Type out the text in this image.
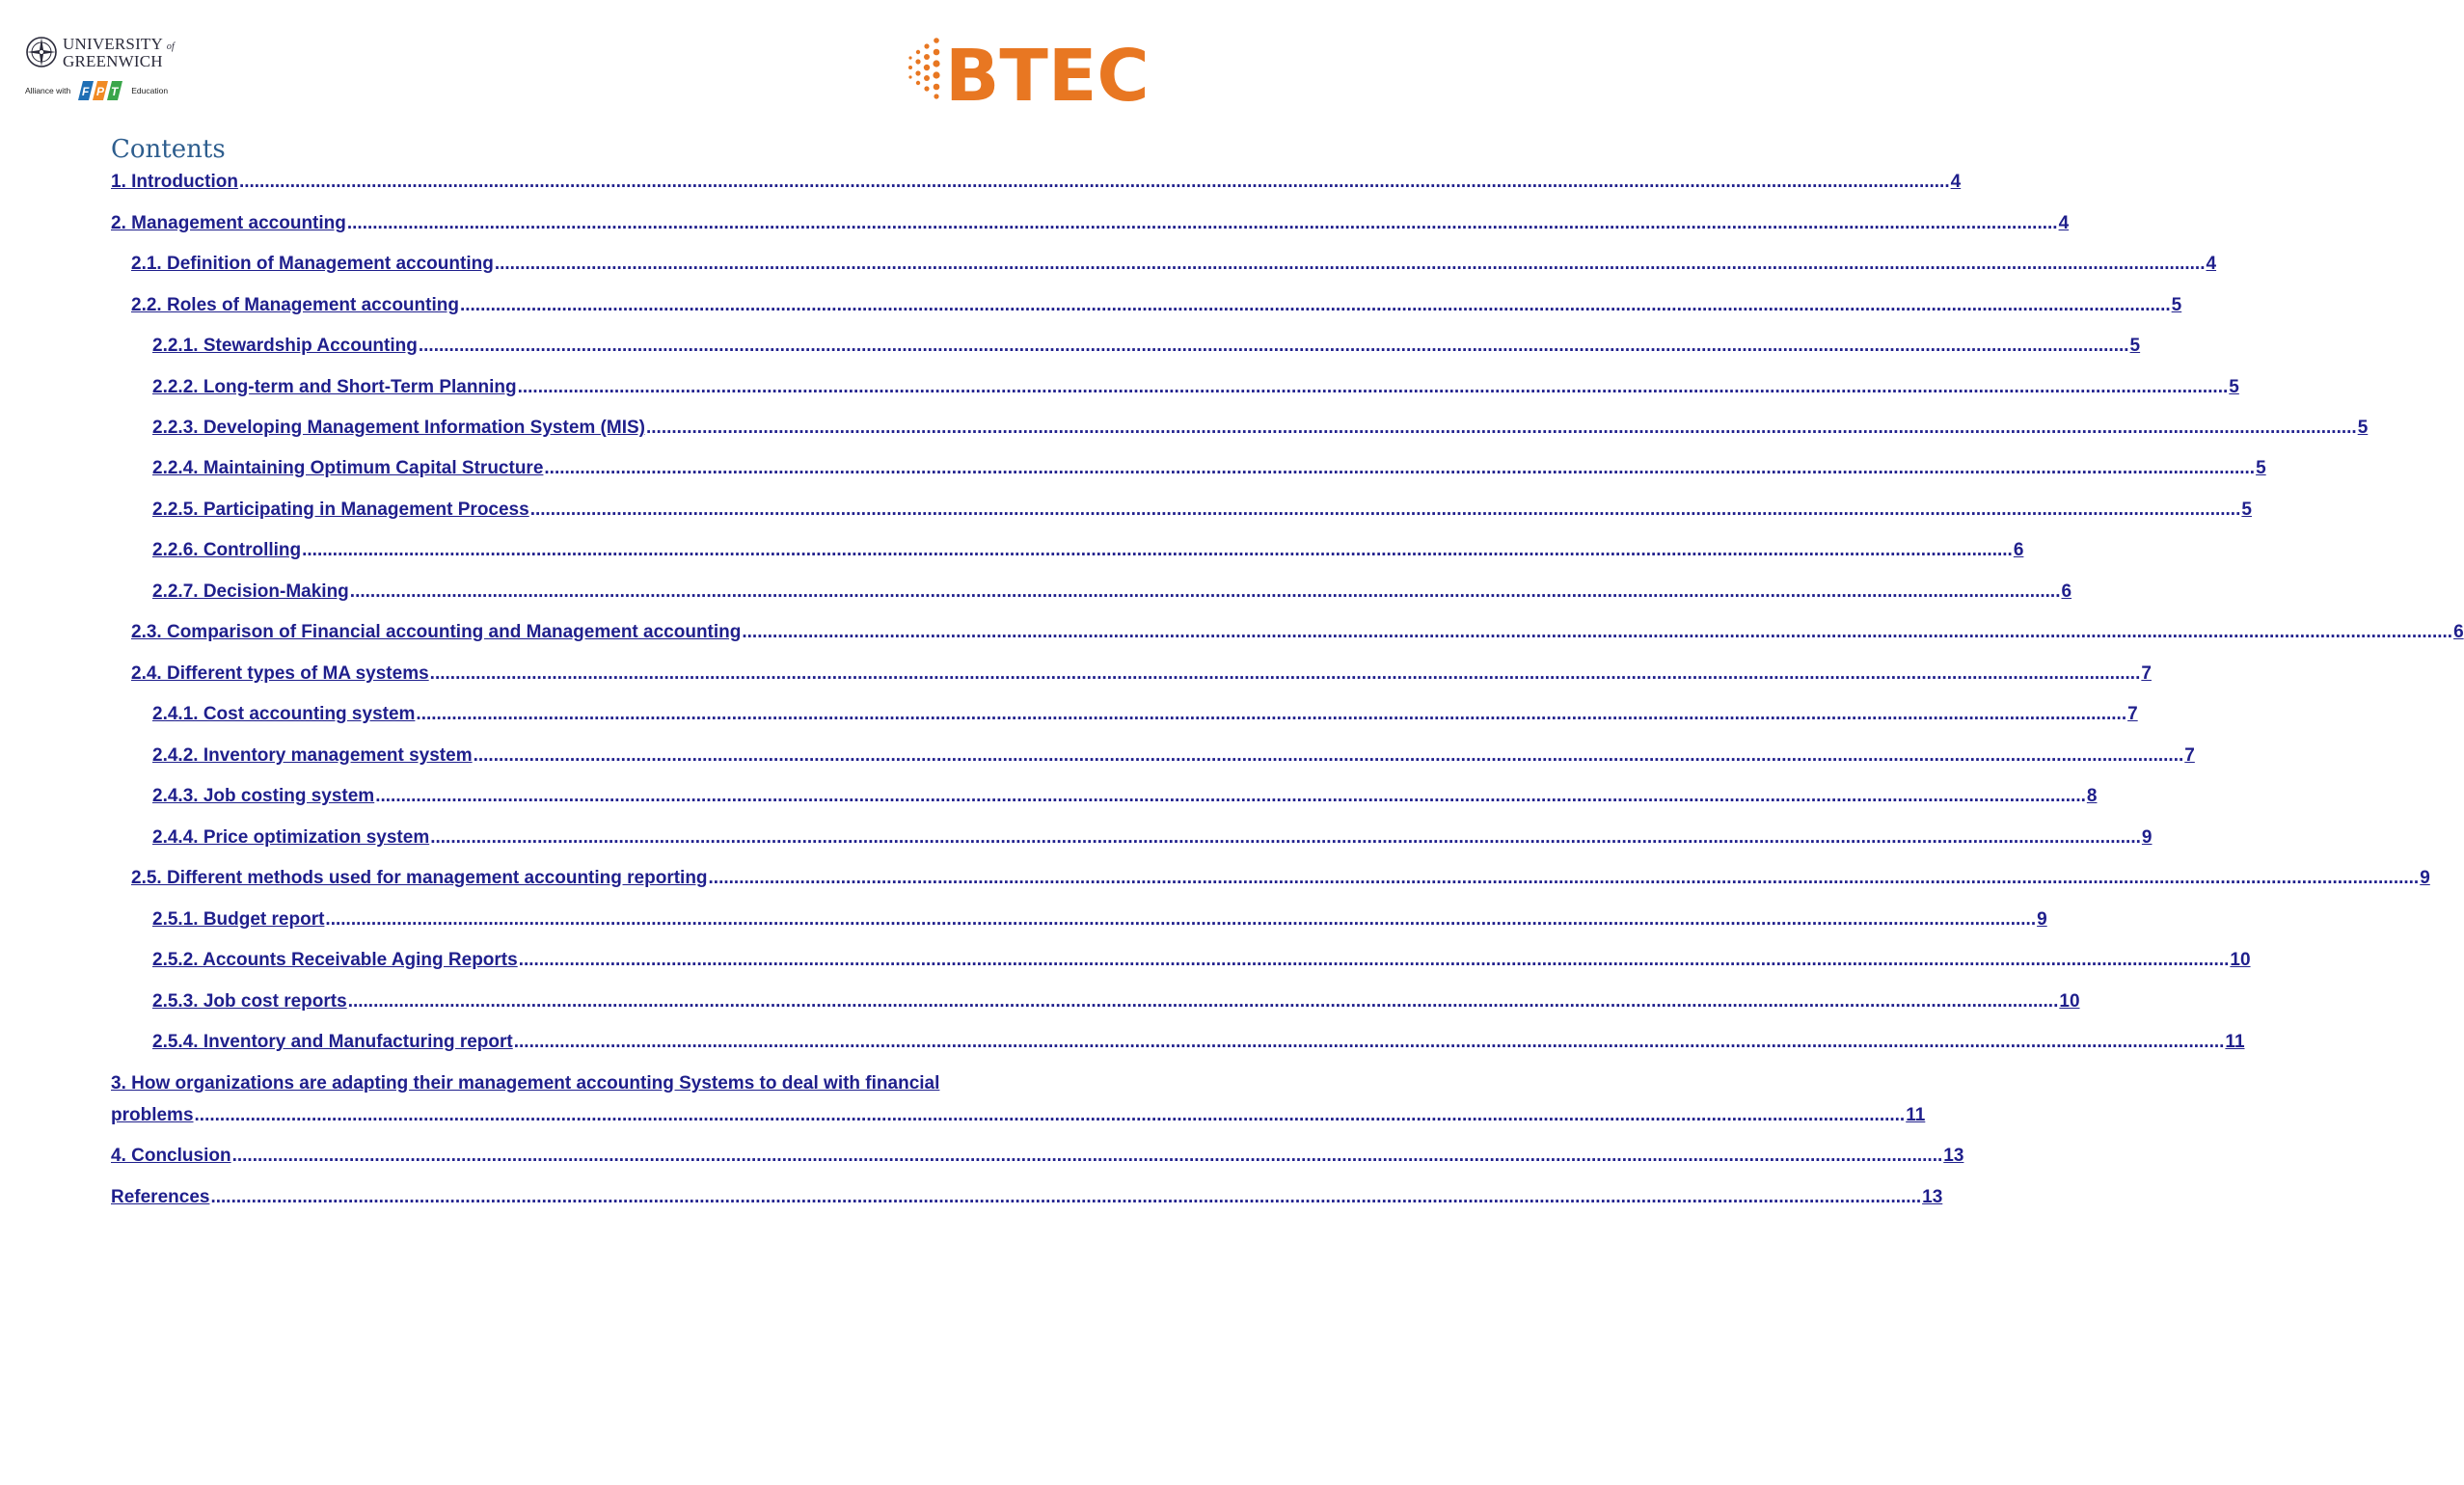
UNIVERSITY of
GREENWICH
Alliance with F P T Education	BTEC
Contents
1. Introduction .....	4
2. Management accounting .....	4
2.1. Definition of Management accounting .....	4
2.2. Roles of Management accounting .....	5
2.2.1. Stewardship Accounting .....	5
2.2.2. Long-term and Short-Term Planning .....	5
2.2.3. Developing Management Information System (MIS) .....	5
2.2.4. Maintaining Optimum Capital Structure .....	5
2.2.5. Participating in Management Process .....	5
2.2.6. Controlling .....	6
2.2.7. Decision-Making .....	6
2.3. Comparison of Financial accounting and Management accounting .....	6
2.4. Different types of MA systems .....	7
2.4.1. Cost accounting system .....	7
2.4.2. Inventory management system .....	7
2.4.3. Job costing system .....	8
2.4.4. Price optimization system .....	9
2.5. Different methods used for management accounting reporting .....	9
2.5.1. Budget report .....	9
2.5.2. Accounts Receivable Aging Reports .....	10
2.5.3. Job cost reports .....	10
2.5.4. Inventory and Manufacturing report .....	11
3. How organizations are adapting their management accounting Systems to deal with financial
problems .....	11
4. Conclusion .....	13
References .....	13
